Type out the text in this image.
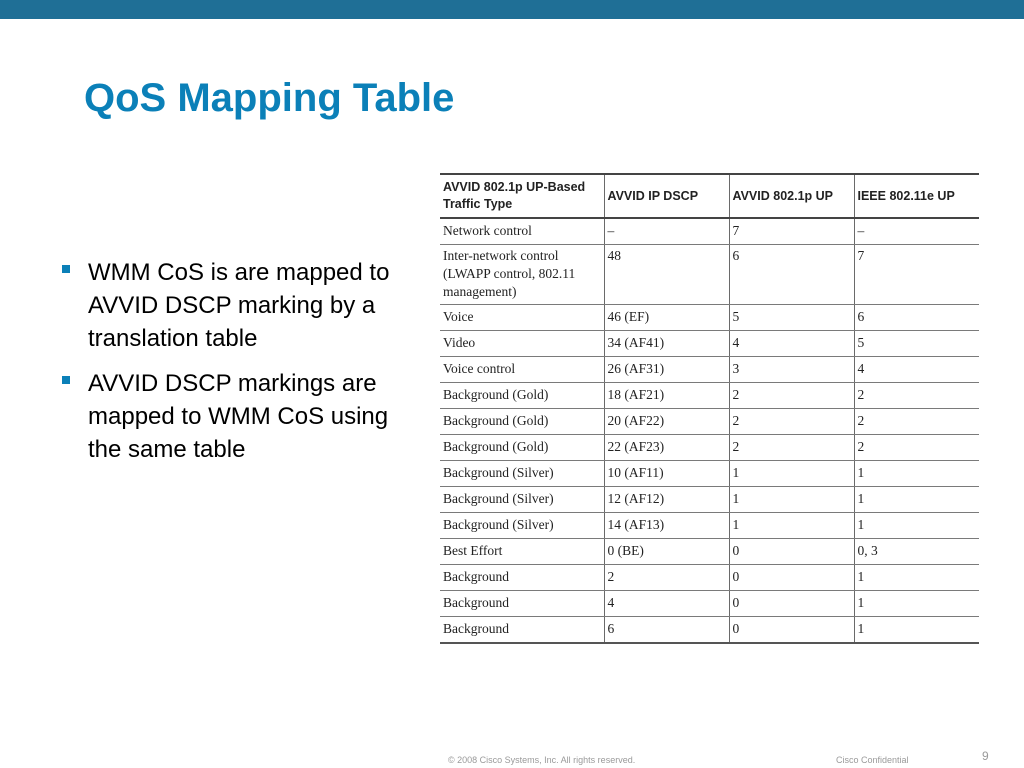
QoS Mapping Table
WMM CoS is are mapped to AVVID DSCP marking by a translation table
AVVID DSCP markings are mapped to WMM CoS using the same table
AVVID 802.1p UP-Based Traffic Type	AVVID IP DSCP	AVVID 802.1p UP	IEEE 802.11e UP
Network control	–	7	–
Inter-network control (LWAPP control, 802.11 management)	48	6	7
Voice	46 (EF)	5	6
Video	34 (AF41)	4	5
Voice control	26 (AF31)	3	4
Background (Gold)	18 (AF21)	2	2
Background (Gold)	20 (AF22)	2	2
Background (Gold)	22 (AF23)	2	2
Background (Silver)	10 (AF11)	1	1
Background (Silver)	12 (AF12)	1	1
Background (Silver)	14 (AF13)	1	1
Best Effort	0 (BE)	0	0, 3
Background	2	0	1
Background	4	0	1
Background	6	0	1
© 2008 Cisco Systems, Inc. All rights reserved.	Cisco Confidential	9
